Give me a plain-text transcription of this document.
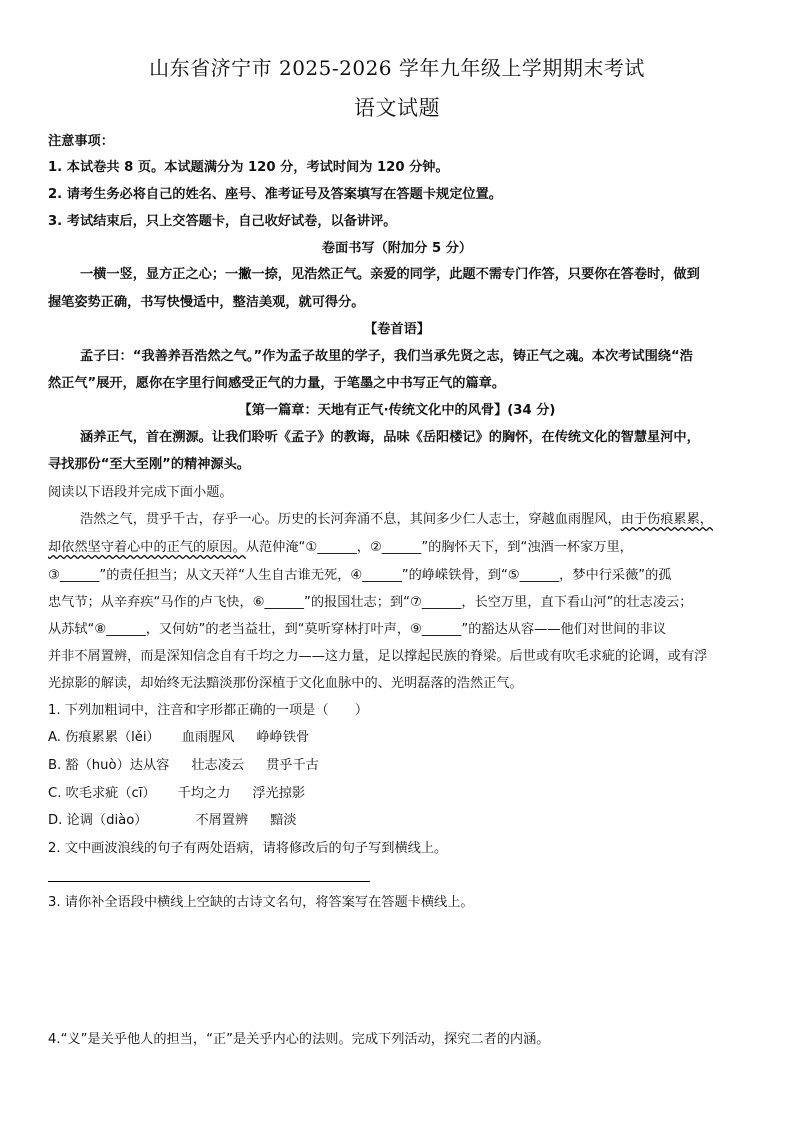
山东省济宁市 2025-2026 学年九年级上学期期末考试
语文试题
注意事项：
1. 本试卷共 8 页。本试题满分为 120 分，考试时间为 120 分钟。
2. 请考生务必将自己的姓名、座号、准考证号及答案填写在答题卡规定位置。
3. 考试结束后，只上交答题卡，自己收好试卷，以备讲评。
卷面书写（附加分 5 分）
一横一竖，显方正之心；一撇一捺，见浩然正气。亲爱的同学，此题不需专门作答，只要你在答卷时，做到
握笔姿势正确，书写快慢适中，整洁美观，就可得分。
【卷首语】
孟子曰：“我善养吾浩然之气。”作为孟子故里的学子，我们当承先贤之志，铸正气之魂。本次考试围绕“浩
然正气”展开，愿你在字里行间感受正气的力量，于笔墨之中书写正气的篇章。
【第一篇章：天地有正气·传统文化中的风骨】(34 分)
涵养正气，首在溯源。让我们聆听《孟子》的教诲，品味《岳阳楼记》的胸怀，在传统文化的智慧星河中，
寻找那份“至大至刚”的精神源头。
阅读以下语段并完成下面小题。
浩然之气，贯乎千古，存乎一心。历史的长河奔涌不息，其间多少仁人志士，穿越血雨腥风，由于伤痕累累，
却依然坚守着心中的正气的原因。从范仲淹“①______，②______”的胸怀天下，到“浊酒一杯家万里，
③______”的责任担当；从文天祥“人生自古谁无死，④______”的峥嵘铁骨，到“⑤______，梦中行采薇”的孤
忠气节；从辛弃疾“马作的卢飞快，⑥______”的报国壮志；到“⑦______，长空万里，直下看山河”的壮志凌云；
从苏轼“⑧______，又何妨”的老当益壮，到“莫听穿林打叶声，⑨______”的豁达从容——他们对世间的非议
并非不屑置辨，而是深知信念自有千均之力——这力量，足以撑起民族的脊梁。后世或有吹毛求疵的论调，或有浮
光掠影的解读，却始终无法黯淡那份深植于文化血脉中的、光明磊落的浩然正气。
1. 下列加粗词中，注音和字形都正确的一项是（　　）
A. 伤痕累累（lěi） 血雨腥风 峥峥铁骨
B. 豁（huò）达从容 壮志凌云 贯乎千古
C. 吹毛求疵（cī） 千均之力 浮光掠影
D. 论调（diào）	不屑置辨 黯淡
2. 文中画波浪线的句子有两处语病，请将修改后的句子写到横线上。
3. 请你补全语段中横线上空缺的古诗文名句，将答案写在答题卡横线上。
4.“义”是关乎他人的担当，“正”是关乎内心的法则。完成下列活动，探究二者的内涵。
